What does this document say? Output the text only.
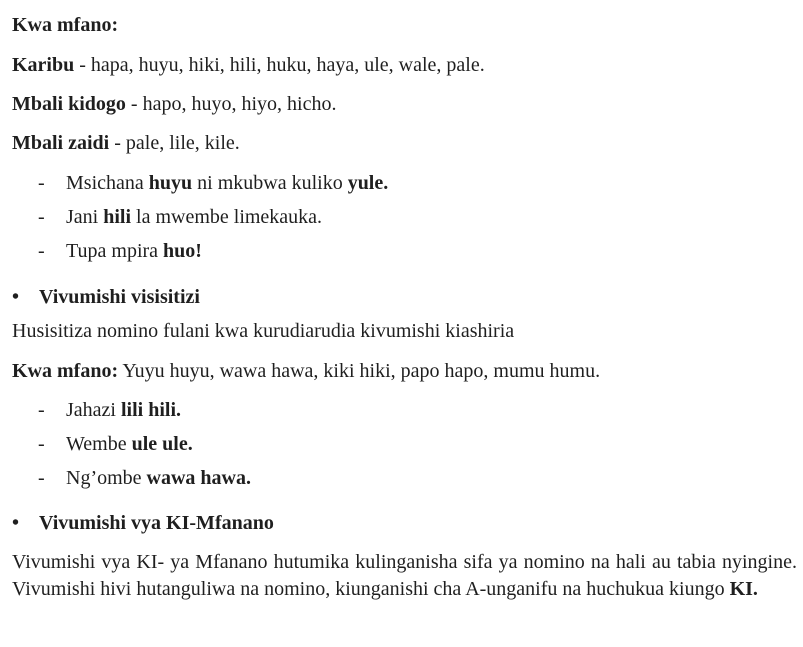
Kwa mfano:
Karibu - hapa, huyu, hiki, hili, huku, haya, ule, wale, pale.
Mbali kidogo - hapo, huyo, hiyo, hicho.
Mbali zaidi - pale, lile, kile.
- Msichana huyu ni mkubwa kuliko yule.
- Jani hili la mwembe limekauka.
- Tupa mpira huo!
• Vivumishi visisitizi
Husisitiza nomino fulani kwa kurudiarudia kivumishi kiashiria
Kwa mfano: Yuyu huyu, wawa hawa, kiki hiki, papo hapo, mumu humu.
- Jahazi lili hili.
- Wembe ule ule.
- Ng’ombe wawa hawa.
• Vivumishi vya KI-Mfanano
Vivumishi vya KI- ya Mfanano hutumika kulinganisha sifa ya nomino na hali au tabia nyingine. Vivumishi hivi hutanguliwa na nomino, kiunganishi cha A-unganifu na huchukua kiungo KI.
